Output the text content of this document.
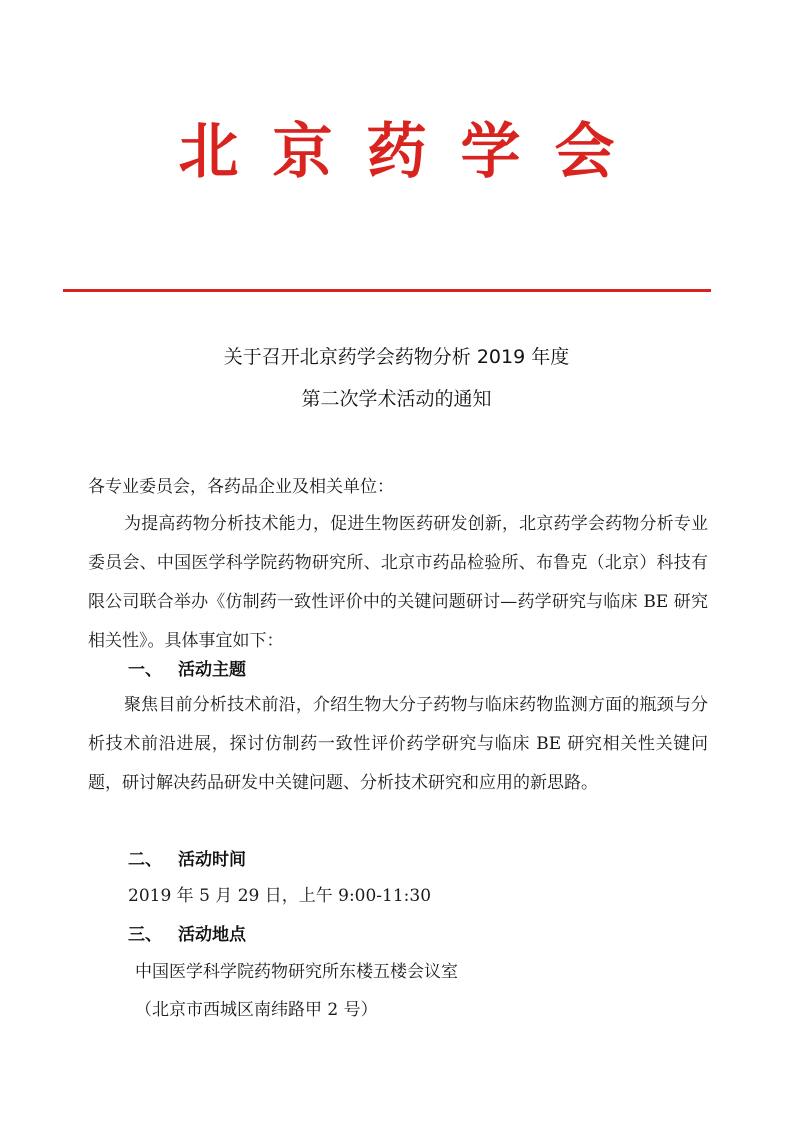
北京药学会
关于召开北京药学会药物分析 2019 年度
第二次学术活动的通知
各专业委员会，各药品企业及相关单位：
为提高药物分析技术能力，促进生物医药研发创新，北京药学会药物分析专业委员会、中国医学科学院药物研究所、北京市药品检验所、布鲁克（北京）科技有限公司联合举办《仿制药一致性评价中的关键问题研讨—药学研究与临床 BE 研究相关性》。具体事宜如下：
一、 活动主题
聚焦目前分析技术前沿，介绍生物大分子药物与临床药物监测方面的瓶颈与分析技术前沿进展，探讨仿制药一致性评价药学研究与临床 BE 研究相关性关键问题，研讨解决药品研发中关键问题、分析技术研究和应用的新思路。
二、 活动时间
2019 年 5 月 29 日，上午 9:00-11:30
三、 活动地点
中国医学科学院药物研究所东楼五楼会议室
（北京市西城区南纬路甲 2 号）
